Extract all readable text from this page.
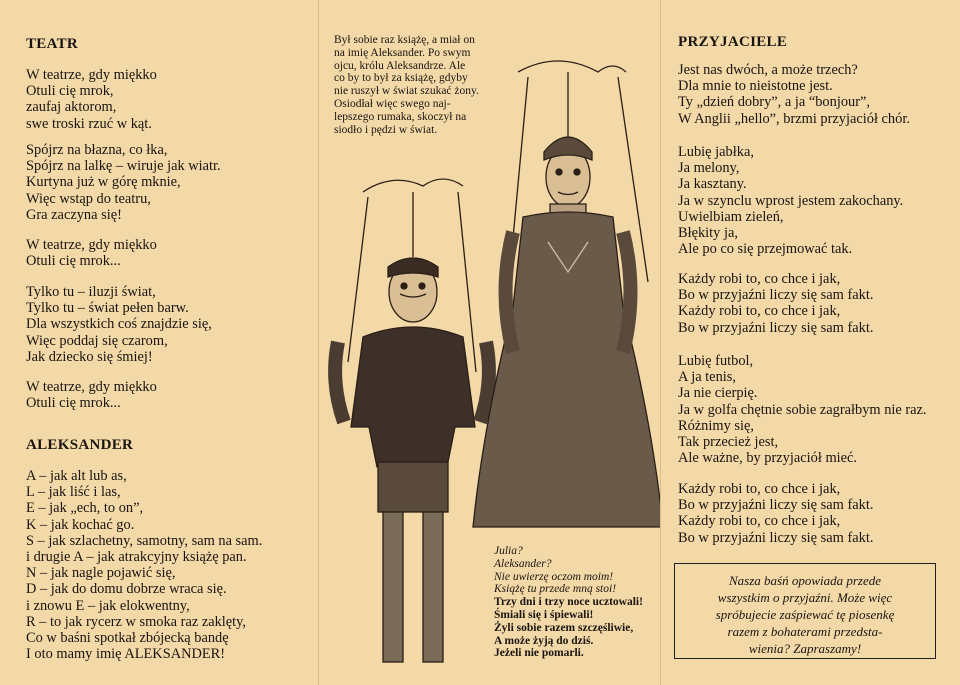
TEATR
W teatrze, gdy miękko
Otuli cię mrok,
zaufaj aktorom,
swe troski rzuć w kąt.
Spójrz na błazna, co łka,
Spójrz na lalkę – wiruje jak wiatr.
Kurtyna już w górę mknie,
Więc wstąp do teatru,
Gra zaczyna się!
W teatrze, gdy miękko
Otuli cię mrok...
Tylko tu – iluzji świat,
Tylko tu – świat pełen barw.
Dla wszystkich coś znajdzie się,
Więc poddaj się czarom,
Jak dziecko się śmiej!
W teatrze, gdy miękko
Otuli cię mrok...
ALEKSANDER
A – jak alt lub as,
L – jak liść i las,
E – jak „ech, to on”,
K – jak kochać go.
S – jak szlachetny, samotny, sam na sam.
i drugie A – jak atrakcyjny książę pan.
N – jak nagle pojawić się,
D – jak do domu dobrze wraca się.
i znowu E – jak elokwentny,
R – to jak rycerz w smoka raz zaklęty,
Co w baśni spotkał zbójecką bandę
I oto mamy imię ALEKSANDER!
Był sobie raz książę, a miał on
na imię Aleksander. Po swym
ojcu, królu Aleksandrze. Ale
co by to był za książę, gdyby
nie ruszył w świat szukać żony.
Osiodłał więc swego naj-
lepszego rumaka, skoczył na
siodło i pędzi w świat.
Julia?
Aleksander?
Nie uwierzę oczom moim!
Książę tu przede mną stoi!
Trzy dni i trzy noce ucztowali!
Śmiali się i śpiewali!
Żyli sobie razem szczęśliwie,
A może żyją do dziś.
Jeżeli nie pomarli.
PRZYJACIELE
Jest nas dwóch, a może trzech?
Dla mnie to nieistotne jest.
Ty „dzień dobry”, a ja “bonjour”,
W Anglii „hello”, brzmi przyjaciół chór.
Lubię jabłka,
Ja melony,
Ja kasztany.
Ja w szynclu wprost jestem zakochany.
Uwielbiam zieleń,
Błękity ja,
Ale po co się przejmować tak.
Każdy robi to, co chce i jak,
Bo w przyjaźni liczy się sam fakt.
Każdy robi to, co chce i jak,
Bo w przyjaźni liczy się sam fakt.
Lubię futbol,
A ja tenis,
Ja nie cierpię.
Ja w golfa chętnie sobie zagrałbym nie raz.
Różnimy się,
Tak przecież jest,
Ale ważne, by przyjaciół mieć.
Każdy robi to, co chce i jak,
Bo w przyjaźni liczy się sam fakt.
Każdy robi to, co chce i jak,
Bo w przyjaźni liczy się sam fakt.
Nasza baśń opowiada przede
wszystkim o przyjaźni. Może więc
spróbujecie zaśpiewać tę piosenkę
razem z bohaterami przedsta-
wienia? Zapraszamy!
